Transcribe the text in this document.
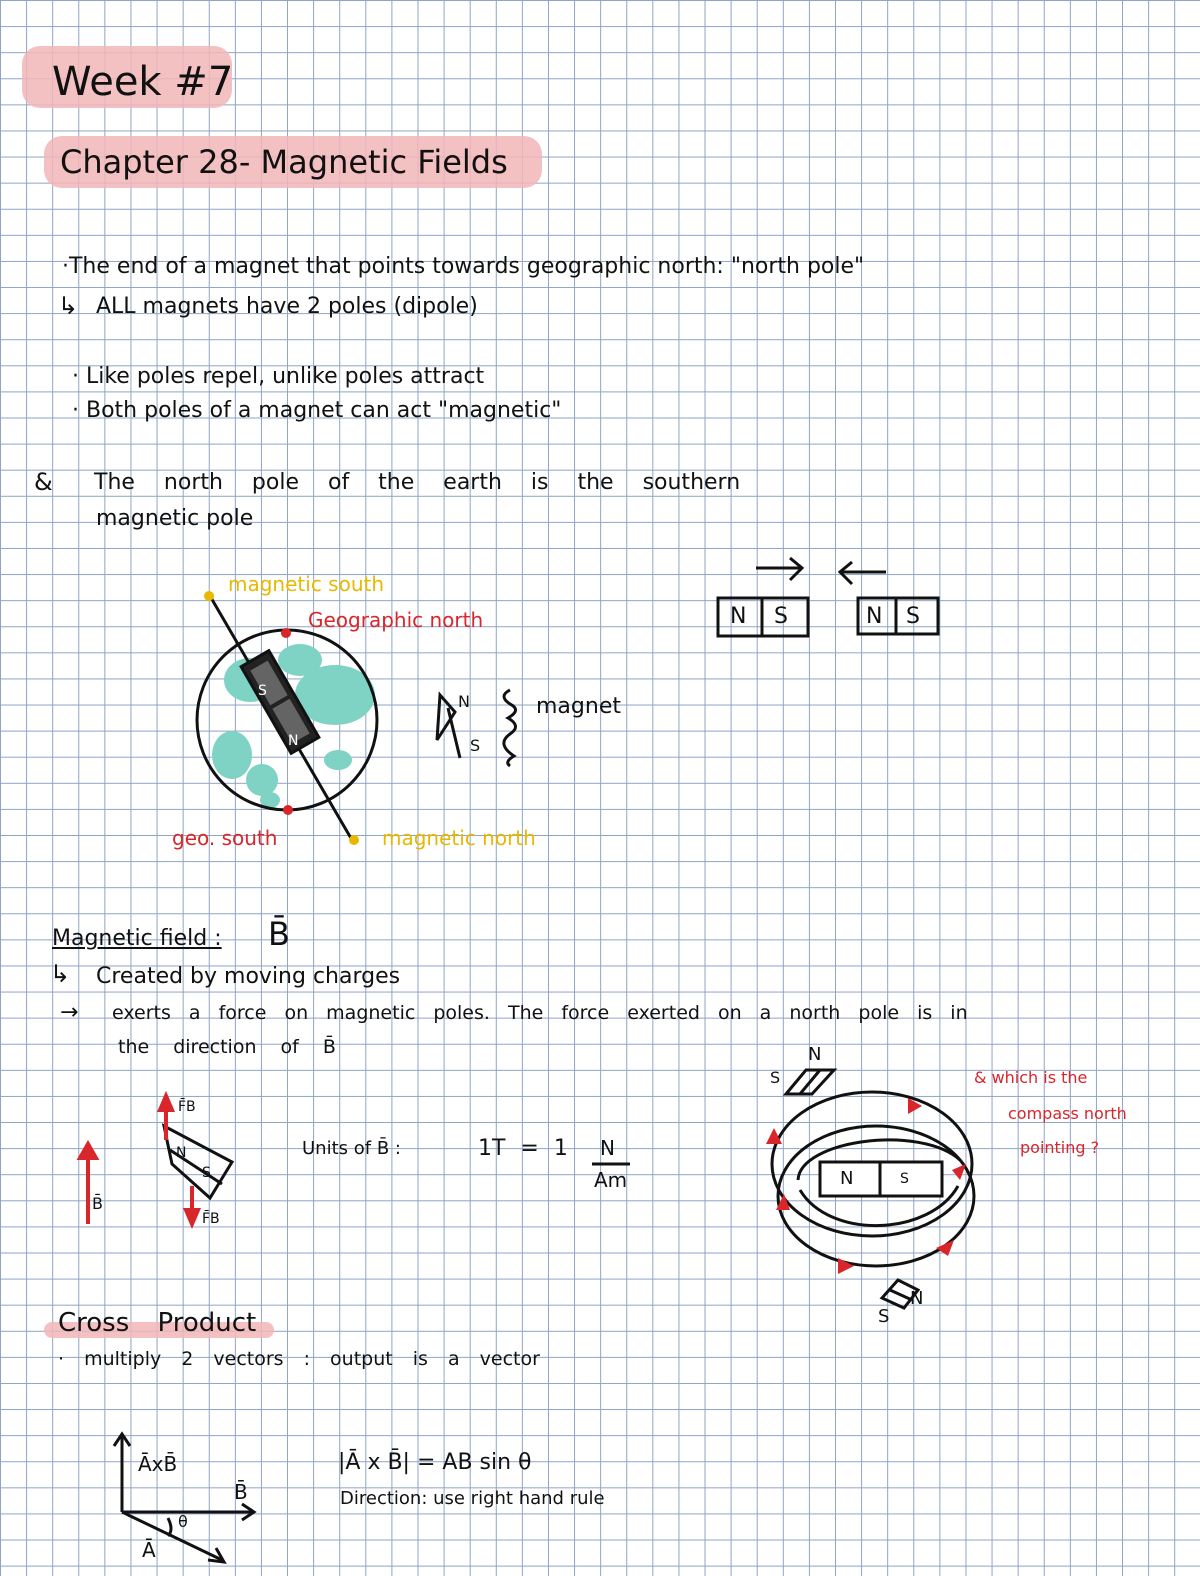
Week #7
Chapter 28- Magnetic Fields
·The end of a magnet that points towards geographic north: "north pole"
↳ ALL magnets have 2 poles (dipole)
· Like poles repel, unlike poles attract
· Both poles of a magnet can act "magnetic"
& The north pole of the earth is the southern
magnetic pole
magnetic south
Geographic north
geo. south	magnetic north
S
N
N
S
magnet
N S	N S
Magnetic field : B̄
↳ Created by moving charges
→ exerts a force on magnetic poles. The force exerted on a north pole is in
the direction of B̄
B̄
F̄B
F̄B
N
S
Units of B̄ :	1T = 1 N
Am	N	S
N
S
N
S
& which is the
compass north
pointing ?
Cross Product
· multiply 2 vectors : output is a vector
ĀxB̄
B̄
Ā
θ
|Ā x B̄| = AB sin θ
Direction: use right hand rule
